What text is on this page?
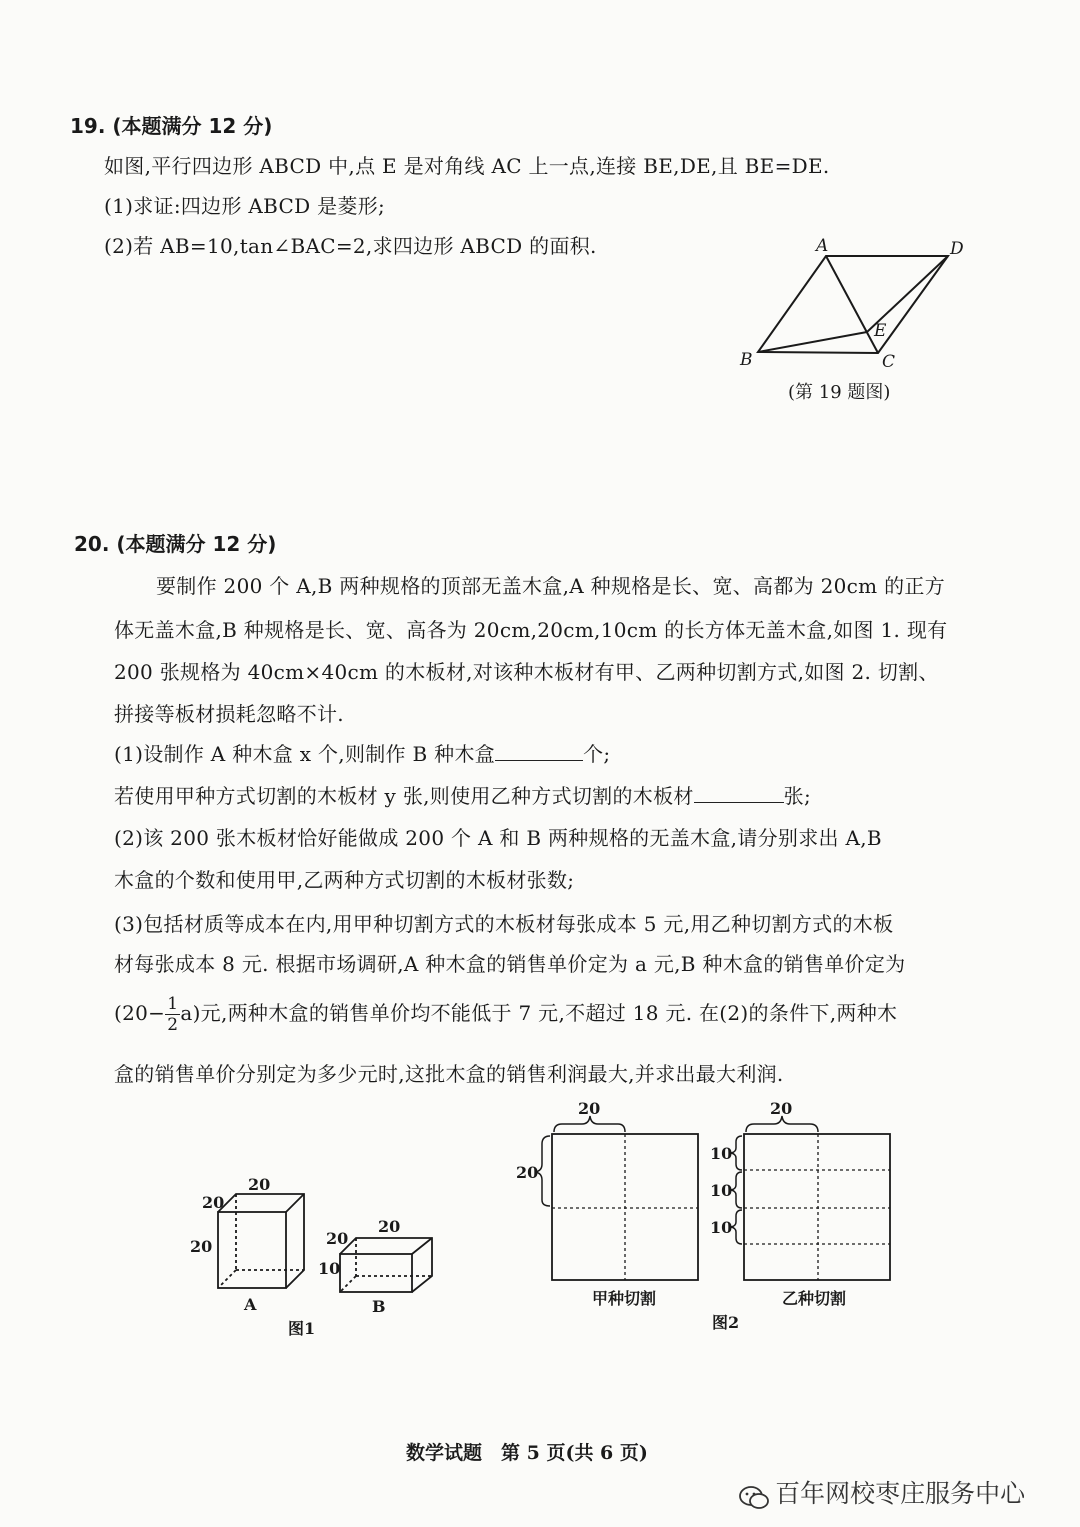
19. (本题满分 12 分)
如图,平行四边形 ABCD 中,点 E 是对角线 AC 上一点,连接 BE,DE,且 BE=DE.
(1)求证:四边形 ABCD 是菱形;
(2)若 AB=10,tan∠BAC=2,求四边形 ABCD 的面积.	A	D
B	C
E
(第 19 题图)
20. (本题满分 12 分)
要制作 200 个 A,B 两种规格的顶部无盖木盒,A 种规格是长、宽、高都为 20cm 的正方
体无盖木盒,B 种规格是长、宽、高各为 20cm,20cm,10cm 的长方体无盖木盒,如图 1. 现有
200 张规格为 40cm×40cm 的木板材,对该种木板材有甲、乙两种切割方式,如图 2. 切割、
拼接等板材损耗忽略不计.
(1)设制作 A 种木盒 x 个,则制作 B 种木盒	个;
若使用甲种方式切割的木板材 y 张,则使用乙种方式切割的木板材	张;
(2)该 200 张木板材恰好能做成 200 个 A 和 B 两种规格的无盖木盒,请分别求出 A,B
木盒的个数和使用甲,乙两种方式切割的木板材张数;
(3)包括材质等成本在内,用甲种切割方式的木板材每张成本 5 元,用乙种切割方式的木板
材每张成本 8 元. 根据市场调研,A 种木盒的销售单价定为 a 元,B 种木盒的销售单价定为
$(20- \frac{1}{2} a)$元,两种木盒的销售单价均不能低于 7 元,不超过 18 元. 在(2)的条件下,两种木
盒的销售单价分别定为多少元时,这批木盒的销售利润最大,并求出最大利润.
20
20
20
A
20
20
10
B
图1
20
20
20
10
10
10
甲种切割	乙种切割
图2
数学试题　第 5 页(共 6 页)
百年网校枣庄服务中心
